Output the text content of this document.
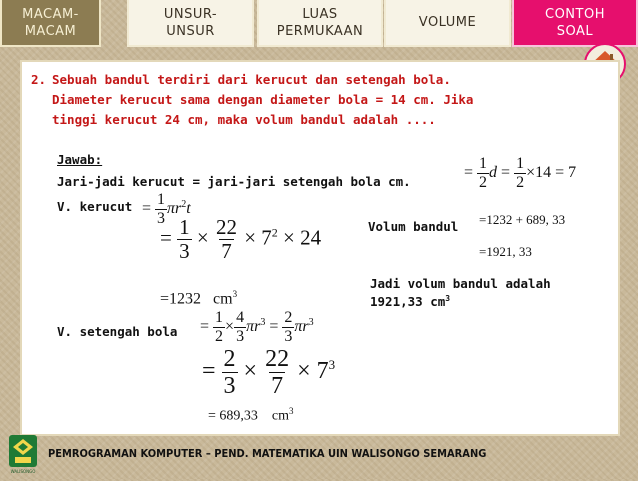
MACAM-
MACAM
UNSUR-
UNSUR
LUAS
PERMUKAAN
VOLUME
CONTOH
SOAL
2. Sebuah bandul terdiri dari kerucut dan setengah bola.
Diameter kerucut sama dengan diameter bola = 14 cm. Jika
tinggi kerucut 24 cm, maka volum bandul adalah ....
Jawab:
Jari-jadi kerucut = jari-jari setengah bola cm.
= $\frac{1}{2}$ $d = \frac{1}{2} \times 14 = 7$
V. kerucut = $\frac{1}{3} \pi r^2t$
= $\frac{1}{3} \times \frac{22}{7} \times 7^2 \times 24$
=1232 $cm^3$
Volum bandul =1232 + 689, 33
=1921, 33
Jadi volum bandul adalah
1921,33 $cm^3$
V. setengah bola = $\frac{1}{2} \times \frac{4}{3} \pi r^3 = \frac{2}{3} \pi r^3$
= $\frac{2}{3} \times \frac{22}{7} \times 7^3$
= 689,33 $cm^3$
WALISONGO
PEMROGRAMAN KOMPUTER – PEND. MATEMATIKA UIN WALISONGO SEMARANG
